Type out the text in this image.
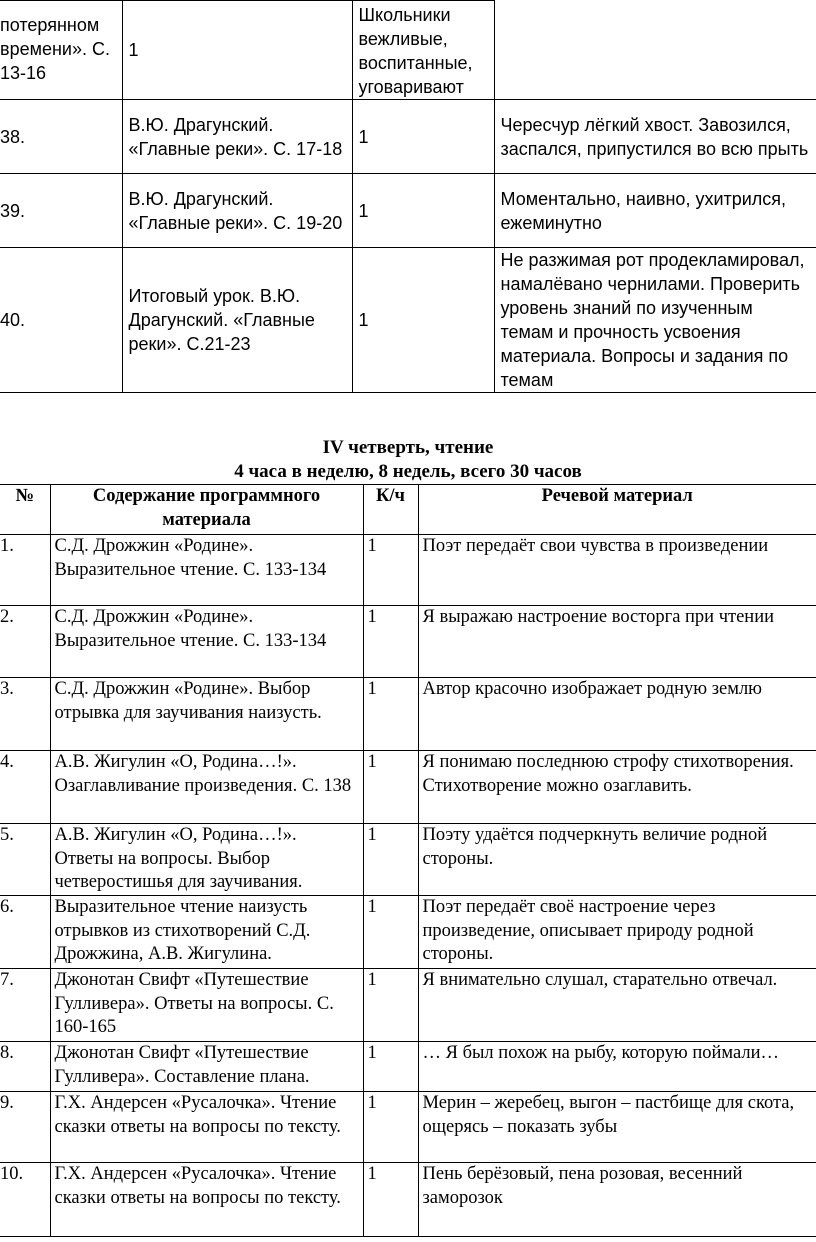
потерянном времени». С. 13-16	1	Школьники вежливые, воспитанные, уговаривают	
38.	В.Ю. Драгунский. «Главные реки». С. 17-18	1	Чересчур лёгкий хвост. Завозился, заспался, припустился во всю прыть
39.	В.Ю. Драгунский. «Главные реки». С. 19-20	1	Моментально, наивно, ухитрился, ежеминутно
40.	Итоговый урок. В.Ю. Драгунский. «Главные реки». С.21-23	1	Не разжимая рот продекламировал, намалёвано чернилами. Проверить уровень знаний по изученным темам и прочность усвоения материала. Вопросы и задания по темам
IV четверть, чтение
4 часа в неделю, 8 недель, всего 30 часов
№	Содержание программного материала	К/ч	Речевой материал
1.	С.Д. Дрожжин «Родине». Выразительное чтение. С. 133-134	1	Поэт передаёт свои чувства в произведении
2.	С.Д. Дрожжин «Родине». Выразительное чтение. С. 133-134	1	Я выражаю настроение восторга при чтении
3.	С.Д. Дрожжин «Родине». Выбор отрывка для заучивания наизусть.	1	Автор красочно изображает родную землю
4.	А.В. Жигулин «О, Родина…!». Озаглавливание произведения. С. 138	1	Я понимаю последнюю строфу стихотворения. Стихотворение можно озаглавить.
5.	А.В. Жигулин «О, Родина…!». Ответы на вопросы. Выбор четверостишья для заучивания.	1	Поэту удаётся подчеркнуть величие родной стороны.
6.	Выразительное чтение наизусть отрывков из стихотворений С.Д. Дрожжина, А.В. Жигулина.	1	Поэт передаёт своё настроение через произведение, описывает природу родной стороны.
7.	Джонотан Свифт «Путешествие Гулливера». Ответы на вопросы. С. 160-165	1	Я внимательно слушал, старательно отвечал.
8.	Джонотан Свифт «Путешествие Гулливера». Составление плана.	1	… Я был похож на рыбу, которую поймали…
9.	Г.Х. Андерсен «Русалочка». Чтение сказки ответы на вопросы по тексту.	1	Мерин – жеребец, выгон – пастбище для скота, ощерясь – показать зубы
10.	Г.Х. Андерсен «Русалочка». Чтение сказки ответы на вопросы по тексту.	1	Пень берёзовый, пена розовая, весенний заморозок
